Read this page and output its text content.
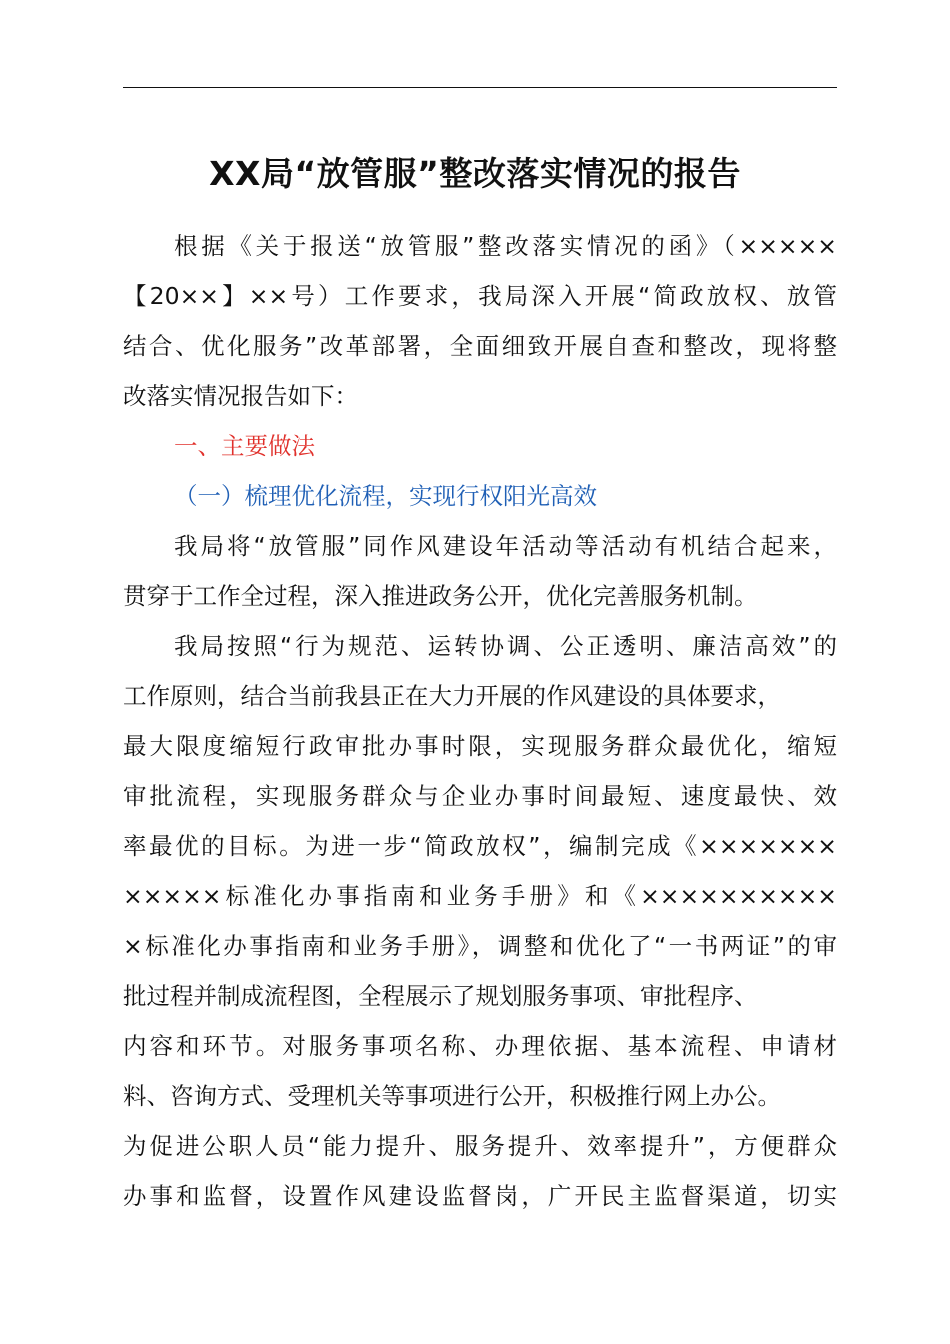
XX局“放管服”整改落实情况的报告
根据《关于报送“放管服”整改落实情况的函》（×××××
【20××】××号）工作要求，我局深入开展“简政放权、放管
结合、优化服务”改革部署，全面细致开展自查和整改，现将整
改落实情况报告如下：
一、主要做法
（一）梳理优化流程，实现行权阳光高效
我局将“放管服”同作风建设年活动等活动有机结合起来，
贯穿于工作全过程，深入推进政务公开，优化完善服务机制。
我局按照“行为规范、运转协调、公正透明、廉洁高效”的
工作原则，结合当前我县正在大力开展的作风建设的具体要求，
最大限度缩短行政审批办事时限，实现服务群众最优化，缩短
审批流程，实现服务群众与企业办事时间最短、速度最快、效
率最优的目标。为进一步“简政放权”，编制完成《×××××××
×××××标准化办事指南和业务手册》和《××××××××××
×标准化办事指南和业务手册》，调整和优化了“一书两证”的审
批过程并制成流程图，全程展示了规划服务事项、审批程序、
内容和环节。对服务事项名称、办理依据、基本流程、申请材
料、咨询方式、受理机关等事项进行公开，积极推行网上办公。
为促进公职人员“能力提升、服务提升、效率提升”，方便群众
办事和监督，设置作风建设监督岗，广开民主监督渠道，切实
